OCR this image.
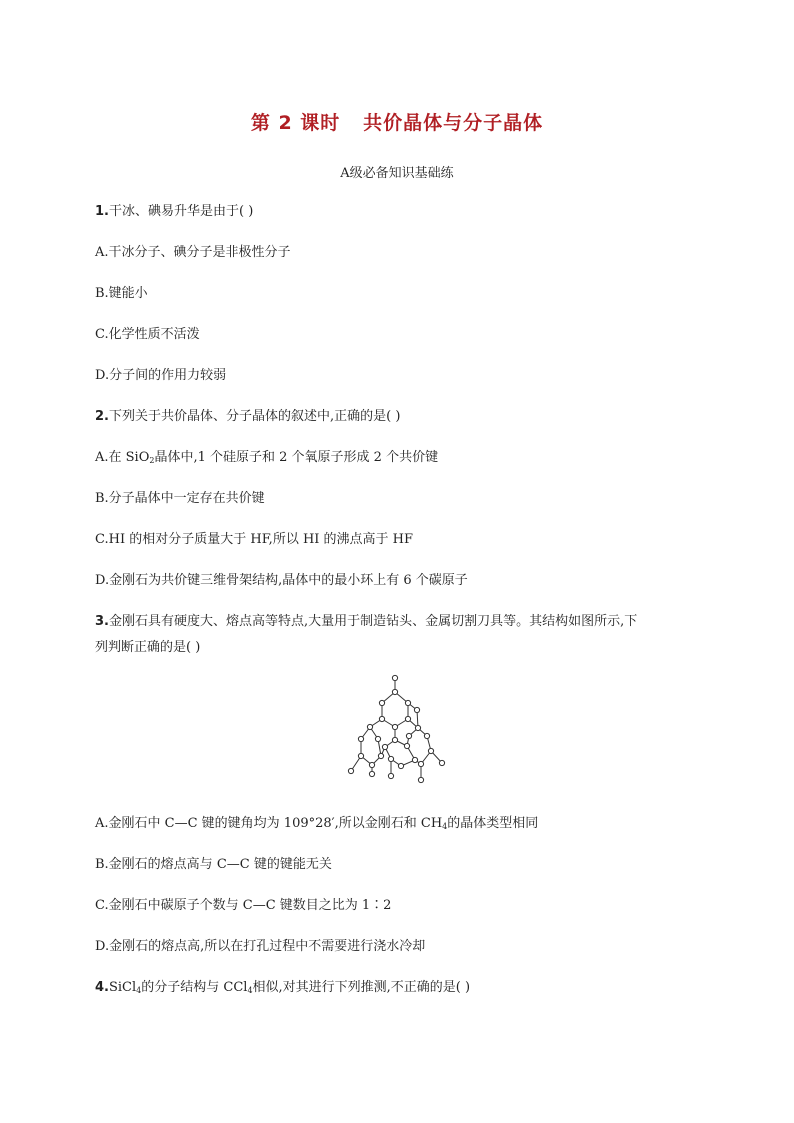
第 2 课时   共价晶体与分子晶体
A级必备知识基础练
1.干冰、碘易升华是由于( )
A.干冰分子、碘分子是非极性分子
B.键能小
C.化学性质不活泼
D.分子间的作用力较弱
2.下列关于共价晶体、分子晶体的叙述中,正确的是( )
A.在 SiO$_2$晶体中,1 个硅原子和 2 个氧原子形成 2 个共价键
B.分子晶体中一定存在共价键
C.HI 的相对分子质量大于 HF,所以 HI 的沸点高于 HF
D.金刚石为共价键三维骨架结构,晶体中的最小环上有 6 个碳原子
3.金刚石具有硬度大、熔点高等特点,大量用于制造钻头、金属切割刀具等。其结构如图所示,下
列判断正确的是( )
A.金刚石中 C—C 键的键角均为 109°28′,所以金刚石和 $CH_4$的晶体类型相同
B.金刚石的熔点高与 C—C 键的键能无关
C.金刚石中碳原子个数与 C—C 键数目之比为 1∶2
D.金刚石的熔点高,所以在打孔过程中不需要进行浇水冷却
4.SiCl$_4$的分子结构与 CCl$_4$相似,对其进行下列推测,不正确的是( )
